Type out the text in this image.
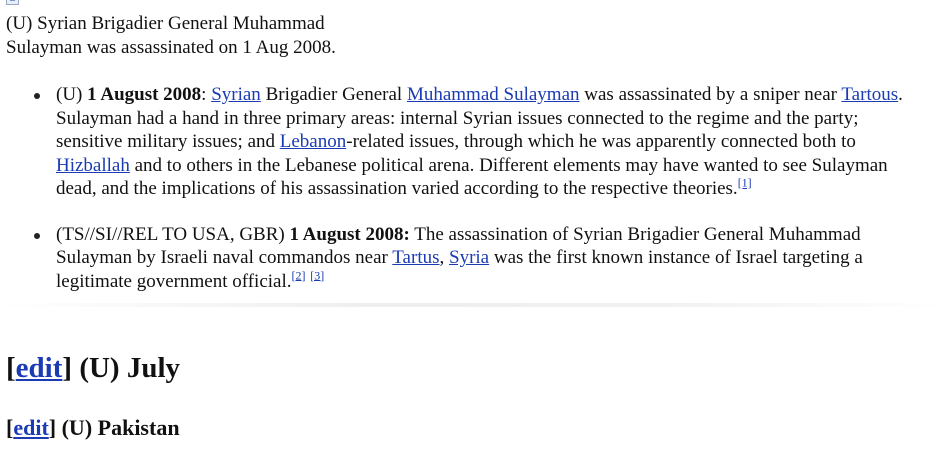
(U) Syrian Brigadier General Muhammad
Sulayman was assassinated on 1 Aug 2008.

(U) 1 August 2008: Syrian Brigadier General Muhammad Sulayman was assassinated by a sniper near Tartous. Sulayman had a hand in three primary areas: internal Syrian issues connected to the regime and the party; sensitive military issues; and Lebanon-related issues, through which he was apparently connected both to Hizballah and to others in the Lebanese political arena. Different elements may have wanted to see Sulayman dead, and the implications of his assassination varied according to the respective theories.[1]
(TS//SI//REL TO USA, GBR) 1 August 2008: The assassination of Syrian Brigadier General Muhammad Sulayman by Israeli naval commandos near Tartus, Syria was the first known instance of Israel targeting a legitimate government official.[2] [3]
[edit] (U) July
[edit] (U) Pakistan
